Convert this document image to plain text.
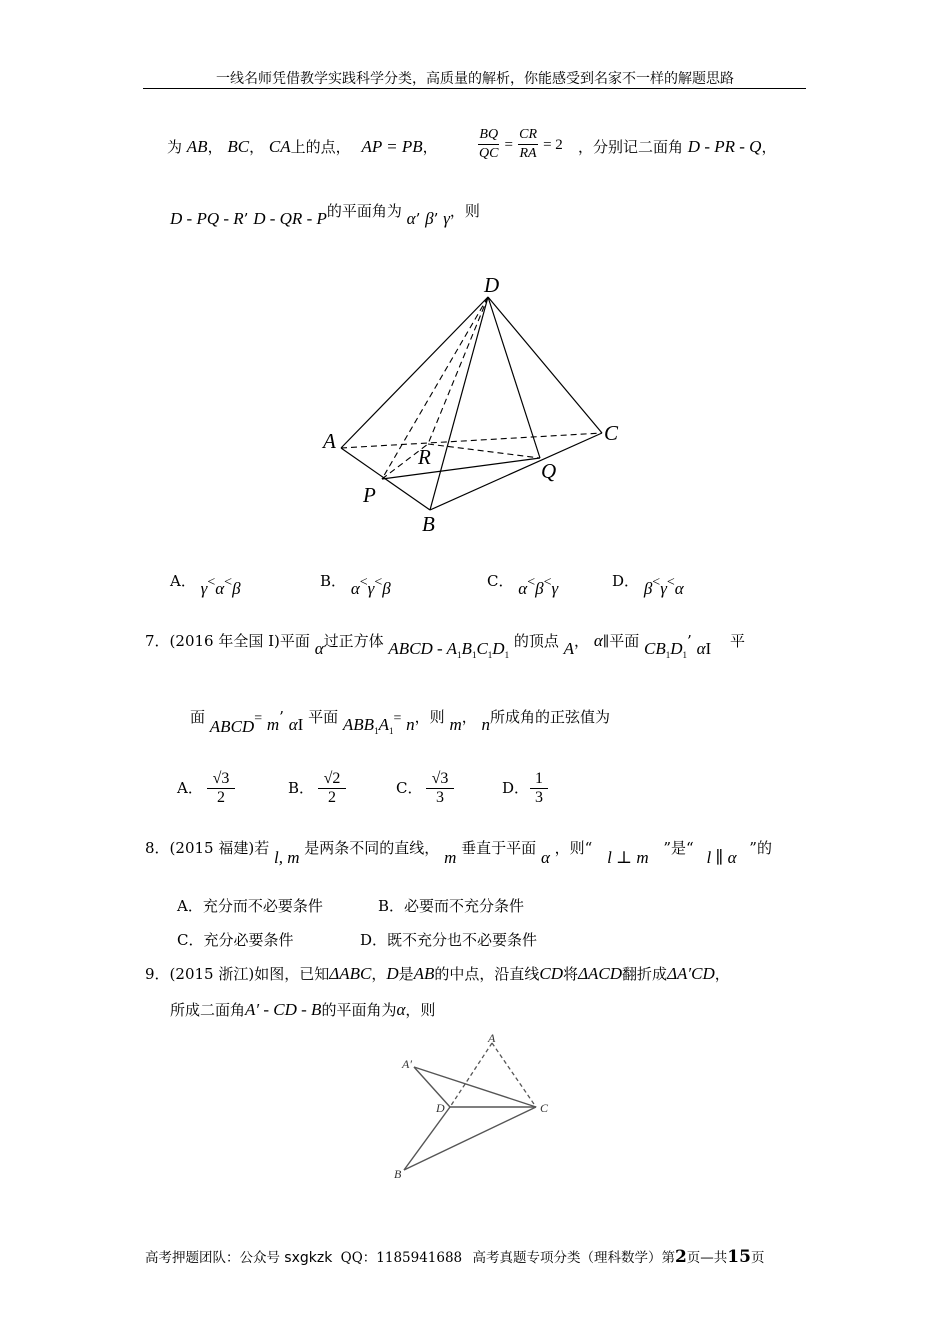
一线名师凭借教学实践科学分类，高质量的解析，你能感受到名家不一样的解题思路
为 AB， BC， CA上的点， AP = PB，	$\frac{BQ}{QC} = \frac{CR}{RA} = 2$ ，分别记二面角 D - PR - Q，
D - PQ - R’ D - QR - P的平面角为 α’ β’ γ，则
D
A	C
R
Q
P
B
A． γ<α<β	B． α<γ<β	C． α<β<γ	D． β<γ<α
7．(2016 年全国 I)平面 α过正方体 ABCD - $A_1B_1C_1D_1$ 的顶点 A， α∥平面 $CB_1D_1$’ αI 平
面 ABCD= m’ αI 平面 $ABB_1A_1= n$，则 m， n所成角的正弦值为
A．
√3
2
B．
√2
2
C．
√3
3
D．
1
3
8．(2015 福建)若 l, m 是两条不同的直线， m 垂直于平面 α ，则“ l ⊥ m ”是“ l ∥ α ”的
A．充分而不必要条件	B．必要而不充分条件
C．充分必要条件	D．既不充分也不必要条件
9．(2015 浙江)如图，已知ΔABC，D是AB的中点，沿直线CD将ΔACD翻折成ΔA′CD，
所成二面角A′ - CD - B的平面角为α，则
A′
A
D	C
B
高考押题团队：公众号 sxgkzk QQ：1185941688 高考真题专项分类（理科数学）第2页—共15页
